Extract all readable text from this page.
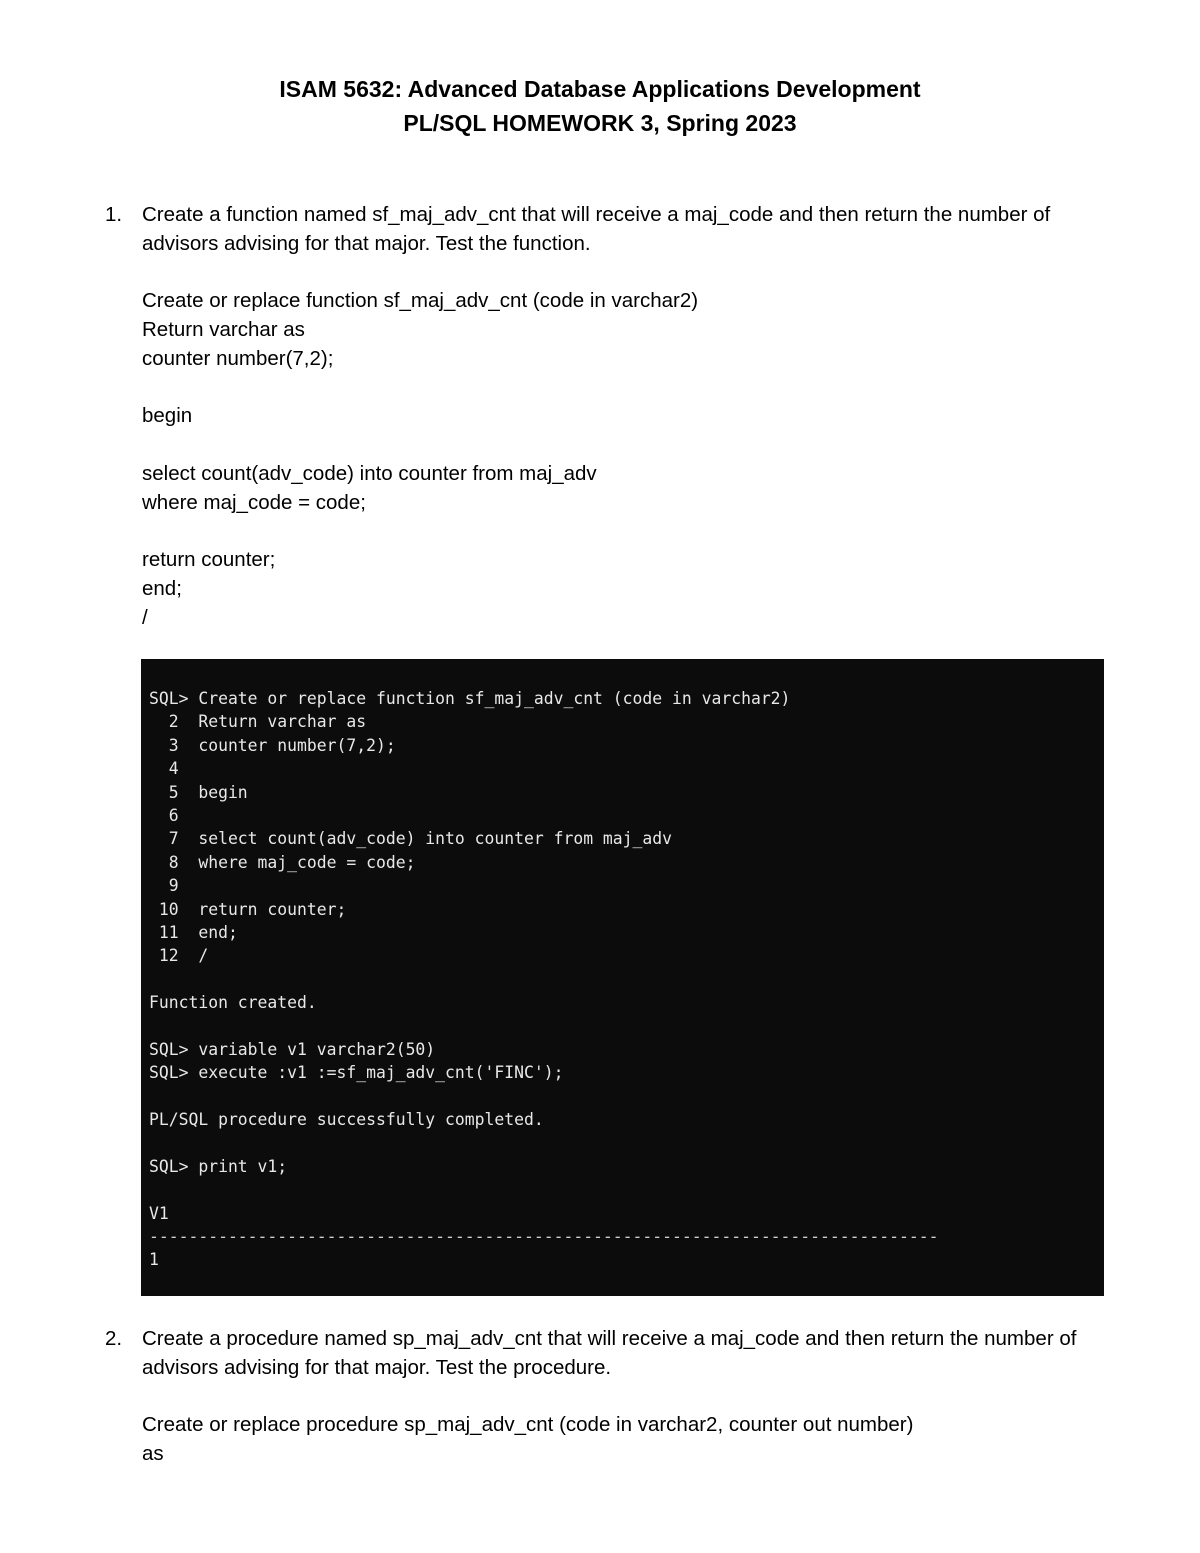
ISAM 5632: Advanced Database Applications Development
PL/SQL HOMEWORK 3, Spring 2023
1. Create a function named sf_maj_adv_cnt that will receive a maj_code and then return the number of advisors advising for that major. Test the function.
Create or replace function sf_maj_adv_cnt (code in varchar2)
Return varchar as
counter number(7,2);
begin
select count(adv_code) into counter from maj_adv
where maj_code = code;
return counter;
end;
/
SQL> Create or replace function sf_maj_adv_cnt (code in varchar2)
2  Return varchar as
3  counter number(7,2);
4
5  begin
6
7  select count(adv_code) into counter from maj_adv
8  where maj_code = code;
9
10  return counter;
11  end;
12  /
Function created.
SQL> variable v1 varchar2(50)
SQL> execute :v1 :=sf_maj_adv_cnt('FINC');
PL/SQL procedure successfully completed.
SQL> print v1;
V1
--------------------------------------------------------------------------------
1
2. Create a procedure named sp_maj_adv_cnt that will receive a maj_code and then return the number of advisors advising for that major. Test the procedure.
Create or replace procedure sp_maj_adv_cnt (code in varchar2, counter out number)
as
